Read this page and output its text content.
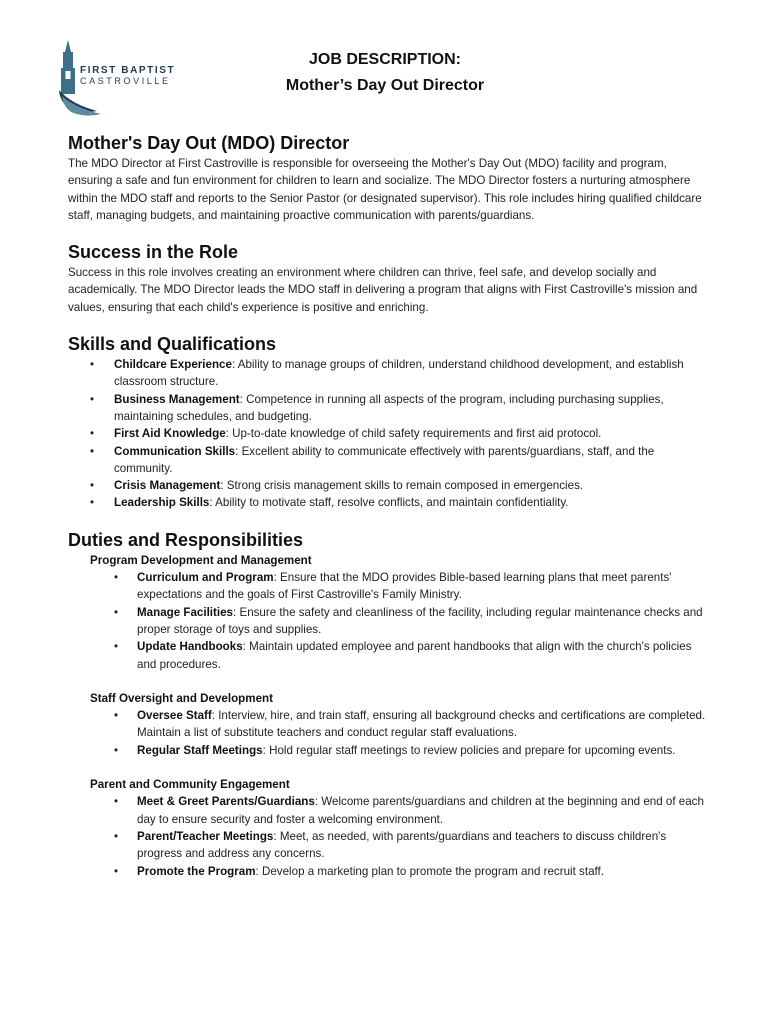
FIRST BAPTIST
CASTROVILLE
JOB DESCRIPTION:
Mother’s Day Out Director
Mother's Day Out (MDO) Director

The MDO Director at First Castroville is responsible for overseeing the Mother's Day Out (MDO) facility and program, ensuring a safe and fun environment for children to learn and socialize. The MDO Director fosters a nurturing atmosphere within the MDO staff and reports to the Senior Pastor (or designated supervisor). This role includes hiring qualified childcare staff, managing budgets, and maintaining proactive communication with parents/guardians.

Success in the Role

Success in this role involves creating an environment where children can thrive, feel safe, and develop socially and academically. The MDO Director leads the MDO staff in delivering a program that aligns with First Castroville's mission and values, ensuring that each child's experience is positive and enriching.

Skills and Qualifications
• Childcare Experience: Ability to manage groups of children, understand childhood development, and establish classroom structure.
• Business Management: Competence in running all aspects of the program, including purchasing supplies, maintaining schedules, and budgeting.
• First Aid Knowledge: Up-to-date knowledge of child safety requirements and first aid protocol.
• Communication Skills: Excellent ability to communicate effectively with parents/guardians, staff, and the community.
• Crisis Management: Strong crisis management skills to remain composed in emergencies.
• Leadership Skills: Ability to motivate staff, resolve conflicts, and maintain confidentiality.
Duties and Responsibilities
Program Development and Management
• Curriculum and Program: Ensure that the MDO provides Bible-based learning plans that meet parents' expectations and the goals of First Castroville's Family Ministry.
• Manage Facilities: Ensure the safety and cleanliness of the facility, including regular maintenance checks and proper storage of toys and supplies.
• Update Handbooks: Maintain updated employee and parent handbooks that align with the church's policies and procedures.
Staff Oversight and Development
• Oversee Staff: Interview, hire, and train staff, ensuring all background checks and certifications are completed. Maintain a list of substitute teachers and conduct regular staff evaluations.
• Regular Staff Meetings: Hold regular staff meetings to review policies and prepare for upcoming events.
Parent and Community Engagement
• Meet & Greet Parents/Guardians: Welcome parents/guardians and children at the beginning and end of each day to ensure security and foster a welcoming environment.
• Parent/Teacher Meetings: Meet, as needed, with parents/guardians and teachers to discuss children's progress and address any concerns.
• Promote the Program: Develop a marketing plan to promote the program and recruit staff.
